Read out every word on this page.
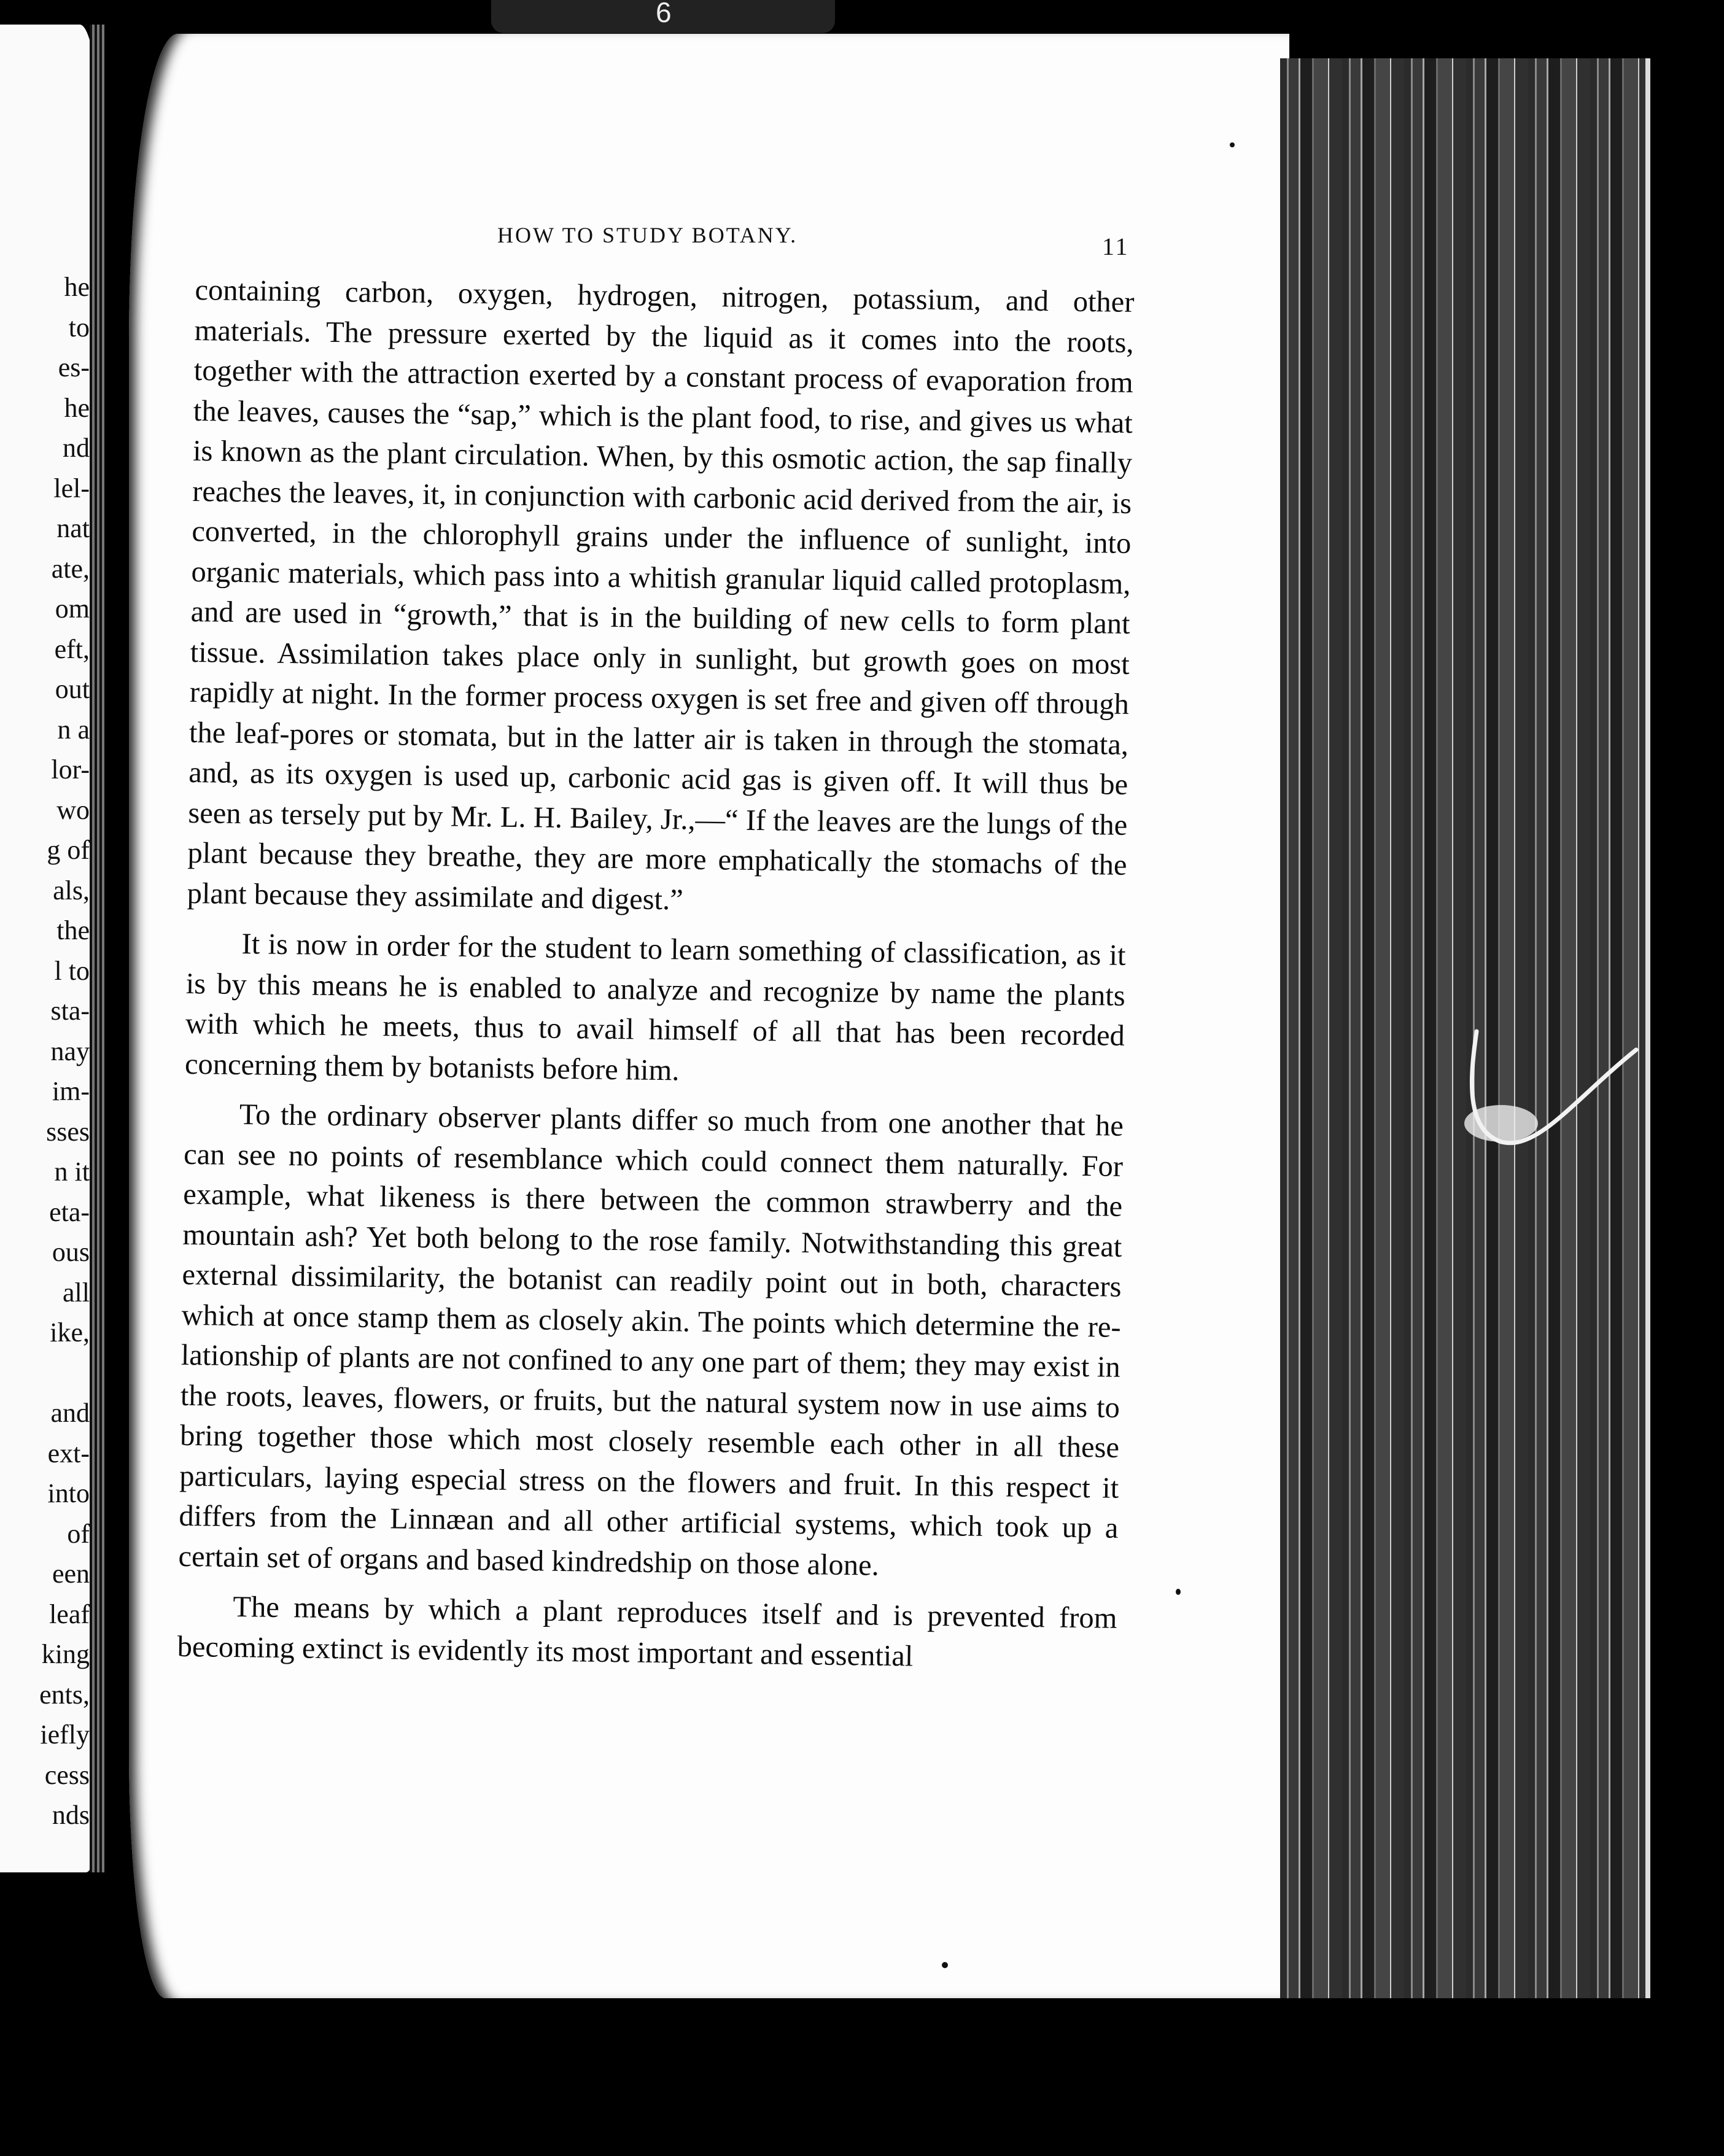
he
to
es-
he
nd
lel-
nat
ate,
om
eft,
out
n a
lor-
wo
g of
als,
the
l to
sta-
nay
im-
sses
n it
eta-
ous
all
ike,
and
ext-
into
of
een
leaf
king
ents,
iefly
cess
nds
6
HOW TO STUDY BOTANY.	11

containing carbon, oxygen, hydrogen, nitrogen, potassium, and other materials. The pressure exerted by the liquid as it comes into the roots, together with the attraction exerted by a constant process of evaporation from the leaves, causes the “sap,” which is the plant food, to rise, and gives us what is known as the plant circulation. When, by this osmotic action, the sap finally reaches the leaves, it, in conjunction with carbonic acid derived from the air, is converted, in the chlorophyll grains under the influence of sunlight, into organic materials, which pass into a whitish granular liquid called protoplasm, and are used in “growth,” that is in the building of new cells to form plant tissue. Assimilation takes place only in sunlight, but growth goes on most rapidly at night. In the former process oxygen is set free and given off through the leaf-pores or stomata, but in the latter air is taken in through the stomata, and, as its oxygen is used up, carbonic acid gas is given off. It will thus be seen as tersely put by Mr. L. H. Bailey, Jr.,—“ If the leaves are the lungs of the plant because they breathe, they are more emphatically the stomachs of the plant because they assimilate and digest.”

It is now in order for the student to learn something of classification, as it is by this means he is enabled to analyze and recognize by name the plants with which he meets, thus to avail himself of all that has been recorded concerning them by botanists before him.

To the ordinary observer plants differ so much from one another that he can see no points of resemblance which could connect them naturally. For example, what likeness is there between the common strawberry and the mountain ash? Yet both belong to the rose family. Notwithstanding this great external dissimilarity, the botanist can readily point out in both, characters which at once stamp them as closely akin. The points which determine the relationship of plants are not confined to any one part of them; they may exist in the roots, leaves, flowers, or fruits, but the natural system now in use aims to bring together those which most closely resemble each other in all these particulars, laying especial stress on the flowers and fruit. In this respect it differs from the Linnæan and all other artificial systems, which took up a certain set of organs and based kindredship on those alone.

The means by which a plant reproduces itself and is prevented from becoming extinct is evidently its most important and essential
